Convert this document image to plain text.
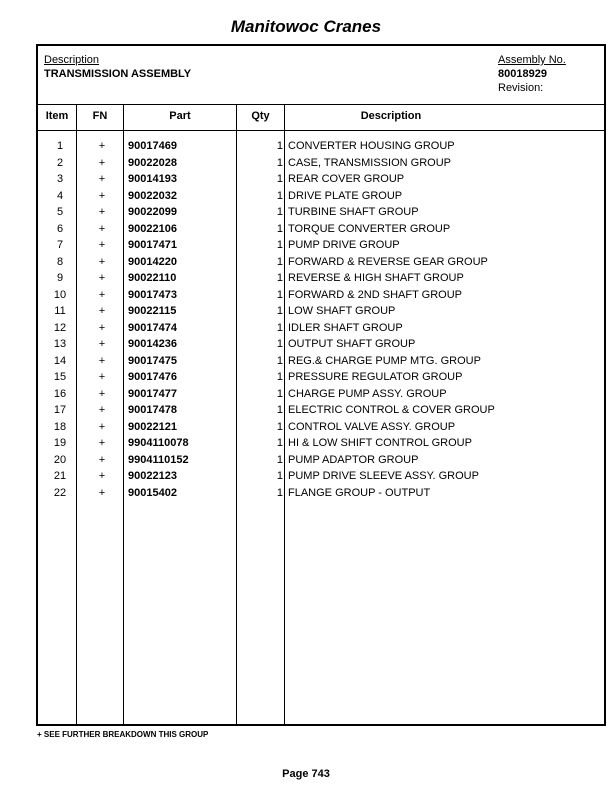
Manitowoc Cranes
Description
TRANSMISSION ASSEMBLY
Assembly No.
80018929
Revision:
Item	FN	Part	Qty	Description
1	+	90017469	1 CONVERTER HOUSING GROUP
2	+	90022028	1 CASE, TRANSMISSION GROUP
3	+	90014193	1 REAR COVER GROUP
4	+	90022032	1 DRIVE PLATE GROUP
5	+	90022099	1 TURBINE SHAFT GROUP
6	+	90022106	1 TORQUE CONVERTER GROUP
7	+	90017471	1 PUMP DRIVE GROUP
8	+	90014220	1 FORWARD & REVERSE GEAR GROUP
9	+	90022110	1 REVERSE & HIGH SHAFT GROUP
10	+	90017473	1 FORWARD & 2ND SHAFT GROUP
11	+	90022115	1 LOW SHAFT GROUP
12	+	90017474	1 IDLER SHAFT GROUP
13	+	90014236	1 OUTPUT SHAFT GROUP
14	+	90017475	1 REG.& CHARGE PUMP MTG. GROUP
15	+	90017476	1 PRESSURE REGULATOR GROUP
16	+	90017477	1 CHARGE PUMP ASSY. GROUP
17	+	90017478	1 ELECTRIC CONTROL & COVER GROUP
18	+	90022121	1 CONTROL VALVE ASSY. GROUP
19	+	9904110078	1 HI & LOW SHIFT CONTROL GROUP
20	+	9904110152	1 PUMP ADAPTOR GROUP
21	+	90022123	1 PUMP DRIVE SLEEVE ASSY. GROUP
22	+	90015402	1 FLANGE GROUP - OUTPUT
+ SEE FURTHER BREAKDOWN THIS GROUP
Page 743
